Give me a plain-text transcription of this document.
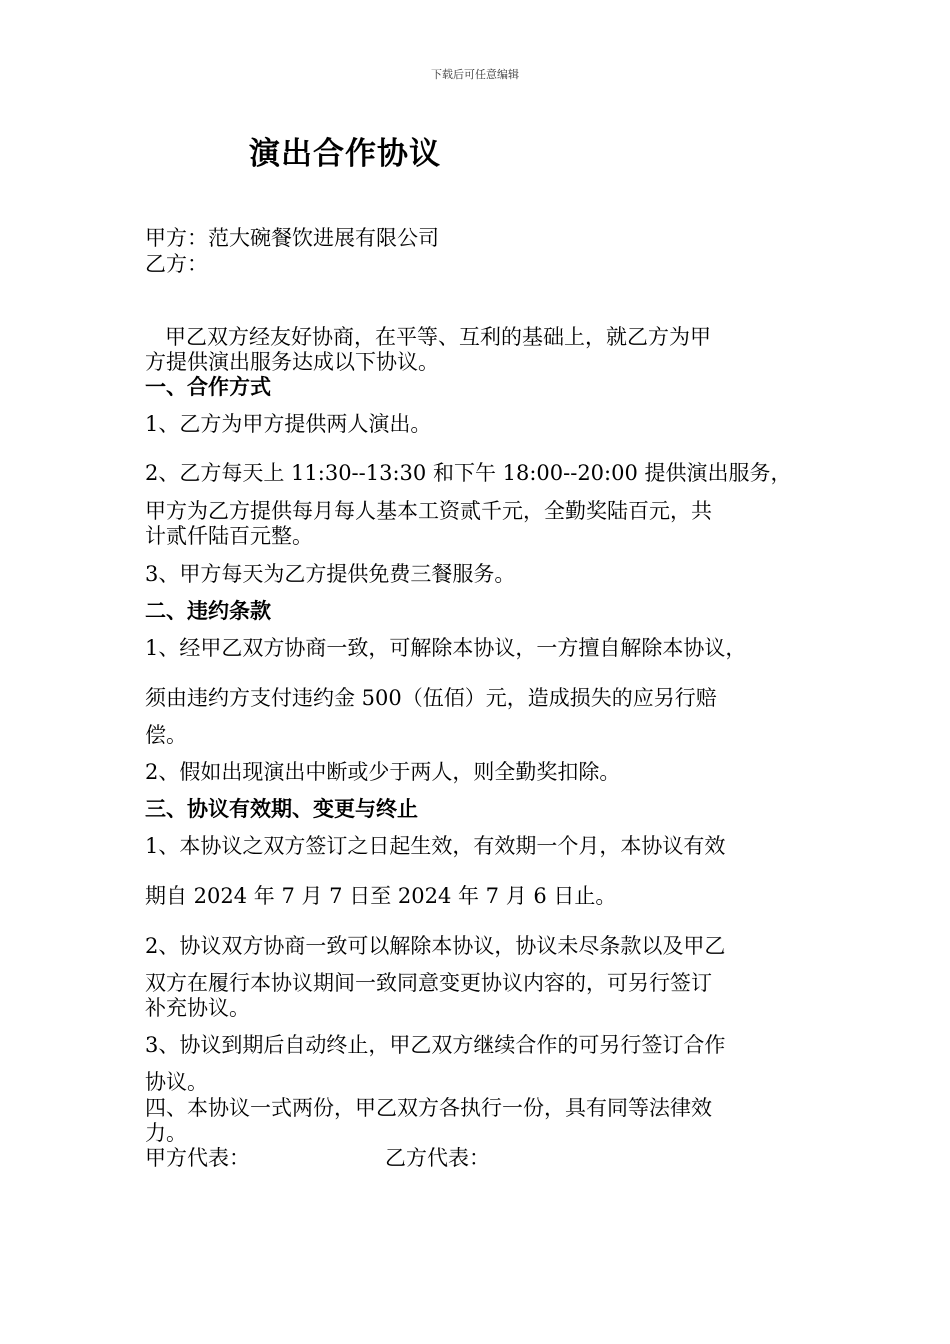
下载后可任意编辑
演出合作协议
甲方：范大碗餐饮进展有限公司
乙方：
甲乙双方经友好协商，在平等、互利的基础上，就乙方为甲
方提供演出服务达成以下协议。
一、合作方式
1、乙方为甲方提供两人演出。
2、乙方每天上 11:30--13:30 和下午 18:00--20:00 提供演出服务，
甲方为乙方提供每月每人基本工资贰千元，全勤奖陆百元，共
计贰仟陆百元整。
3、甲方每天为乙方提供免费三餐服务。
二、违约条款
1、经甲乙双方协商一致，可解除本协议，一方擅自解除本协议，
须由违约方支付违约金 500（伍佰）元，造成损失的应另行赔
偿。
2、假如出现演出中断或少于两人，则全勤奖扣除。
三、协议有效期、变更与终止
1、本协议之双方签订之日起生效，有效期一个月，本协议有效
期自 2024 年 7 月 7 日至 2024 年 7 月 6 日止。
2、协议双方协商一致可以解除本协议，协议未尽条款以及甲乙
双方在履行本协议期间一致同意变更协议内容的，可另行签订
补充协议。
3、协议到期后自动终止，甲乙双方继续合作的可另行签订合作
协议。
四、本协议一式两份，甲乙双方各执行一份，具有同等法律效
力。
甲方代表：	乙方代表：
